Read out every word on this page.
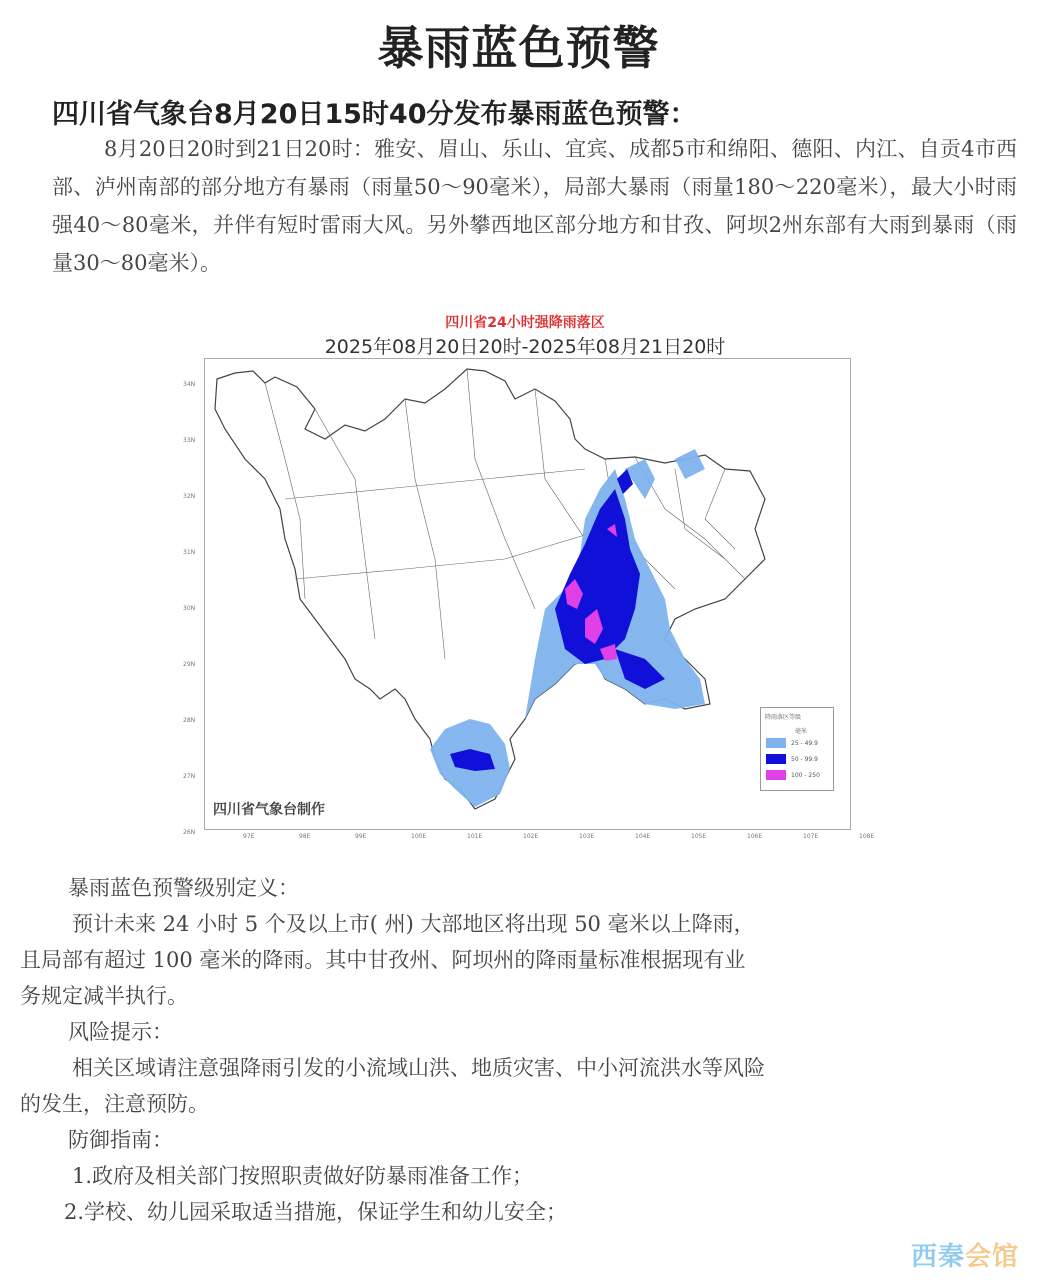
暴雨蓝色预警
四川省气象台8月20日15时40分发布暴雨蓝色预警：
8月20日20时到21日20时：雅安、眉山、乐山、宜宾、成都5市和绵阳、德阳、内江、自贡4市西部、泸州南部的部分地方有暴雨（雨量50～90毫米），局部大暴雨（雨量180～220毫米），最大小时雨强40～80毫米，并伴有短时雷雨大风。另外攀西地区部分地方和甘孜、阿坝2州东部有大雨到暴雨（雨量30～80毫米）。
四川省24小时强降雨落区
2025年08月20日20时-2025年08月21日20时
34N
33N
32N
31N
30N
29N
28N
27N
26N
97E	98E	99E	100E	101E	102E	103E	104E	105E	106E	107E	108E
四川省气象台制作
降雨落区等级
毫米
25 - 49.9
50 - 99.9
100 - 250
暴雨蓝色预警级别定义：
预计未来 24 小时 5 个及以上市( 州) 大部地区将出现 50 毫米以上降雨，
且局部有超过 100 毫米的降雨。其中甘孜州、阿坝州的降雨量标准根据现有业
务规定减半执行。
风险提示：
相关区域请注意强降雨引发的小流域山洪、地质灾害、中小河流洪水等风险
的发生，注意预防。
防御指南：
1.政府及相关部门按照职责做好防暴雨准备工作；
2.学校、幼儿园采取适当措施，保证学生和幼儿安全；
西秦会馆
